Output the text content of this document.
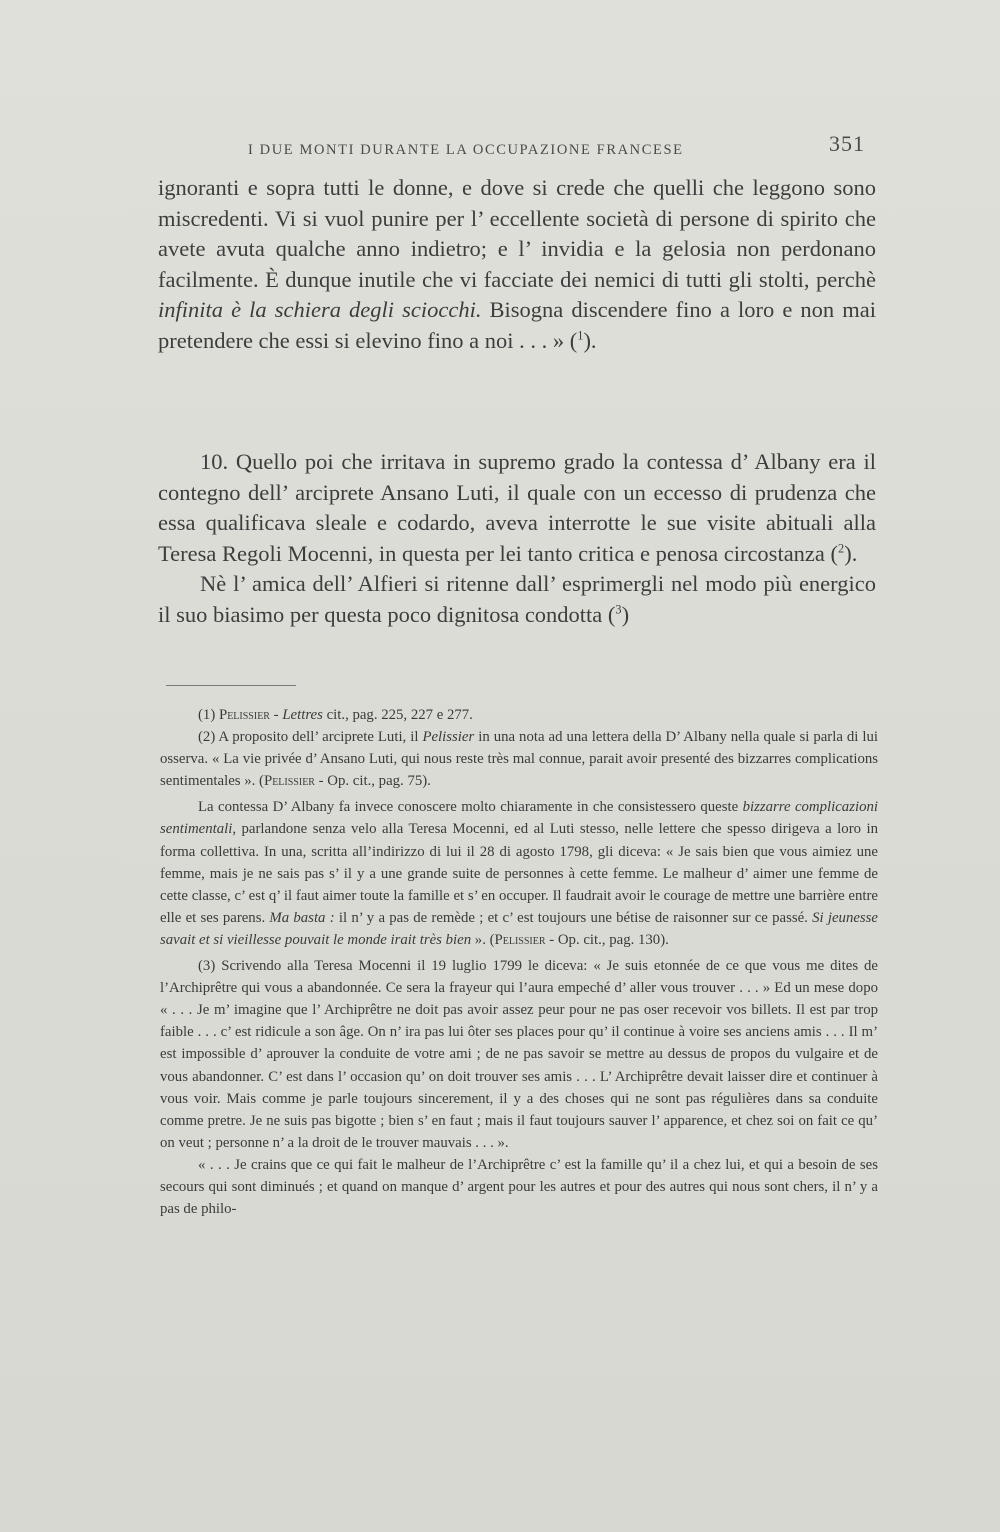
I DUE MONTI DURANTE LA OCCUPAZIONE FRANCESE	351

ignoranti e sopra tutti le donne, e dove si crede che quelli che leggono sono miscredenti. Vi si vuol punire per l’ eccellente società di persone di spirito che avete avuta qualche anno indietro; e l’ invidia e la gelosia non perdonano facilmente. È dunque inutile che vi facciate dei nemici di tutti gli stolti, perchè infinita è la schiera degli sciocchi. Bisogna discendere fino a loro e non mai pretendere che essi si elevino fino a noi . . . » ($^1$).

10. Quello poi che irritava in supremo grado la contessa d’ Albany era il contegno dell’ arciprete Ansano Luti, il quale con un eccesso di prudenza che essa qualificava sleale e codardo, aveva interrotte le sue visite abituali alla Teresa Regoli Mocenni, in questa per lei tanto critica e penosa circostanza ($^2$).

Nè l’ amica dell’ Alfieri si ritenne dall’ esprimergli nel modo più energico il suo biasimo per questa poco dignitosa condotta ($^3$)

(1) Pelissier - Lettres cit., pag. 225, 227 e 277.

(2) A proposito dell’ arciprete Luti, il Pelissier in una nota ad una lettera della D’ Albany nella quale si parla di lui osserva. « La vie privée d’ Ansano Luti, qui nous reste très mal connue, parait avoir presenté des bizzarres complications sentimentales ». (Pelissier - Op. cit., pag. 75).

La contessa D’ Albany fa invece conoscere molto chiaramente in che consistessero queste bizzarre complicazioni sentimentali, parlandone senza velo alla Teresa Mocenni, ed al Luti stesso, nelle lettere che spesso dirigeva a loro in forma collettiva. In una, scritta all’indirizzo di lui il 28 di agosto 1798, gli diceva: « Je sais bien que vous aimiez une femme, mais je ne sais pas s’ il y a une grande suite de personnes à cette femme. Le malheur d’ aimer une femme de cette classe, c’ est q’ il faut aimer toute la famille et s’ en occuper. Il faudrait avoir le courage de mettre une barrière entre elle et ses parens. Ma basta : il n’ y a pas de remède ; et c’ est toujours une bétise de raisonner sur ce passé. Si jeunesse savait et si vieillesse pouvait le monde irait très bien ». (Pelissier - Op. cit., pag. 130).

(3) Scrivendo alla Teresa Mocenni il 19 luglio 1799 le diceva: « Je suis etonnée de ce que vous me dites de l’Archiprêtre qui vous a abandonnée. Ce sera la frayeur qui l’aura empeché d’ aller vous trouver . . . » Ed un mese dopo « . . . Je m’ imagine que l’ Archiprêtre ne doit pas avoir assez peur pour ne pas oser recevoir vos billets. Il est par trop faible . . . c’ est ridicule a son âge. On n’ ira pas lui ôter ses places pour qu’ il continue à voire ses anciens amis . . . Il m’ est impossible d’ aprouver la conduite de votre ami ; de ne pas savoir se mettre au dessus de propos du vulgaire et de vous abandonner. C’ est dans l’ occasion qu’ on doit trouver ses amis . . . L’ Archiprêtre devait laisser dire et continuer à vous voir. Mais comme je parle toujours sincerement, il y a des choses qui ne sont pas régulières dans sa conduite comme pretre. Je ne suis pas bigotte ; bien s’ en faut ; mais il faut toujours sauver l’ apparence, et chez soi on fait ce qu’ on veut ; personne n’ a la droit de le trouver mauvais . . . ».

« . . . Je crains que ce qui fait le malheur de l’Archiprêtre c’ est la famille qu’ il a chez lui, et qui a besoin de ses secours qui sont diminués ; et quand on manque d’ argent pour les autres et pour des autres qui nous sont chers, il n’ y a pas de philo-
